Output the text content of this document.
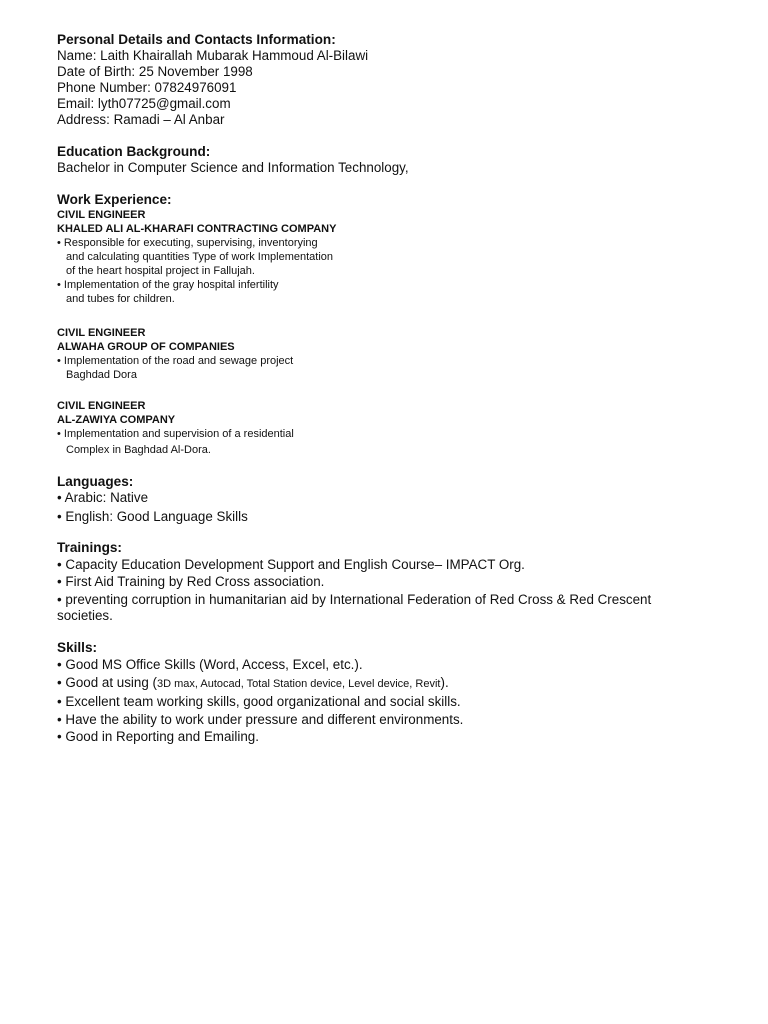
Personal Details and Contacts Information:
Name: Laith Khairallah Mubarak Hammoud Al-Bilawi
Date of Birth: 25 November 1998
Phone Number: 07824976091
Email: lyth07725@gmail.com
Address: Ramadi – Al Anbar
Education Background:
Bachelor in Computer Science and Information Technology,
Work Experience:
CIVIL ENGINEER
KHALED ALI AL-KHARAFI CONTRACTING COMPANY
• Responsible for executing, supervising, inventorying
and calculating quantities Type of work Implementation
of the heart hospital project in Fallujah.
• Implementation of the gray hospital infertility
and tubes for children.
CIVIL ENGINEER
ALWAHA GROUP OF COMPANIES
• Implementation of the road and sewage project
Baghdad Dora
CIVIL ENGINEER
AL-ZAWIYA COMPANY
• Implementation and supervision of a residential
Complex in Baghdad Al-Dora.
Languages:
• Arabic: Native
• English: Good Language Skills
Trainings:
• Capacity Education Development Support and English Course– IMPACT Org.
• First Aid Training by Red Cross association.
• preventing corruption in humanitarian aid by International Federation of Red Cross & Red Crescent
societies.
Skills:
• Good MS Office Skills (Word, Access, Excel, etc.).
• Good at using (3D max, Autocad, Total Station device, Level device, Revit).
• Excellent team working skills, good organizational and social skills.
• Have the ability to work under pressure and different environments.
• Good in Reporting and Emailing.
